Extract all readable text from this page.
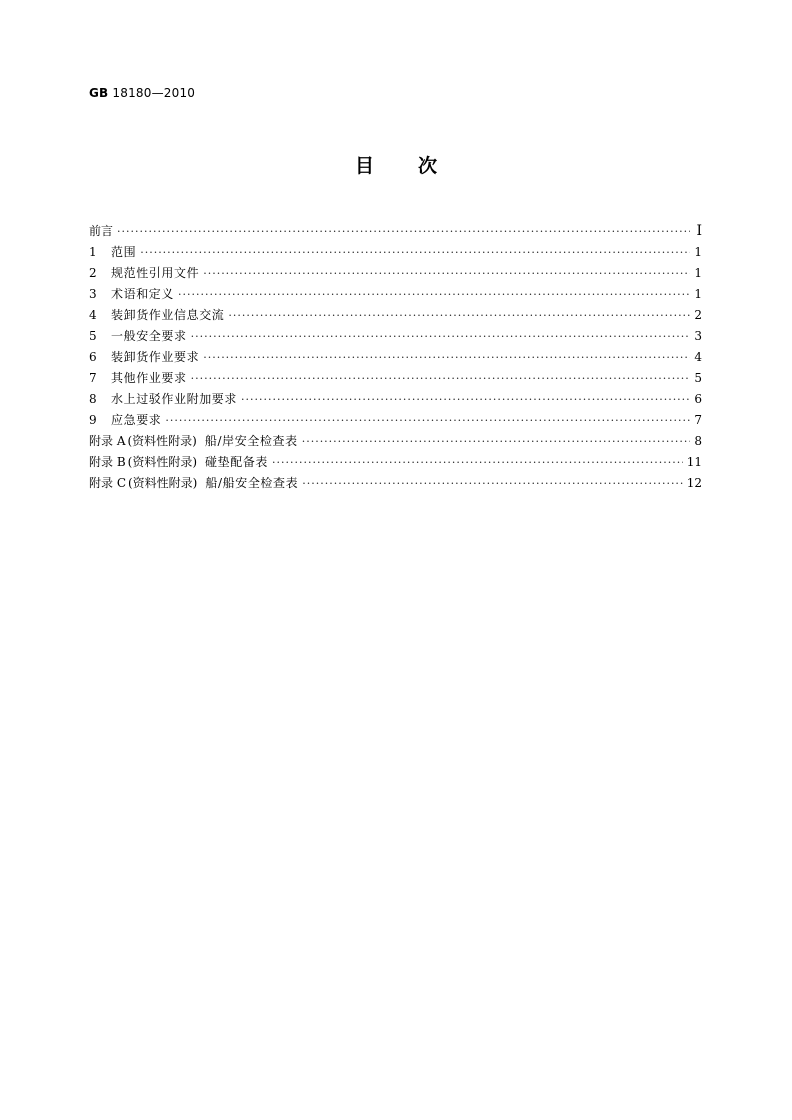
GB 18180—2010
目 次
前言 ·····	Ⅰ
1	范围 ·····	1
2	规范性引用文件 ·····	1
3	术语和定义 ·····	1
4	装卸货作业信息交流 ·····	2
5	一般安全要求 ·····	3
6	装卸货作业要求 ·····	4
7	其他作业要求 ·····	5
8	水上过驳作业附加要求 ·····	6
9	应急要求 ·····	7
附录 A (资料性附录) 船/岸安全检查表 ·····	8
附录 B (资料性附录) 碰垫配备表 ·····	11
附录 C (资料性附录) 船/船安全检查表 ·····	12
